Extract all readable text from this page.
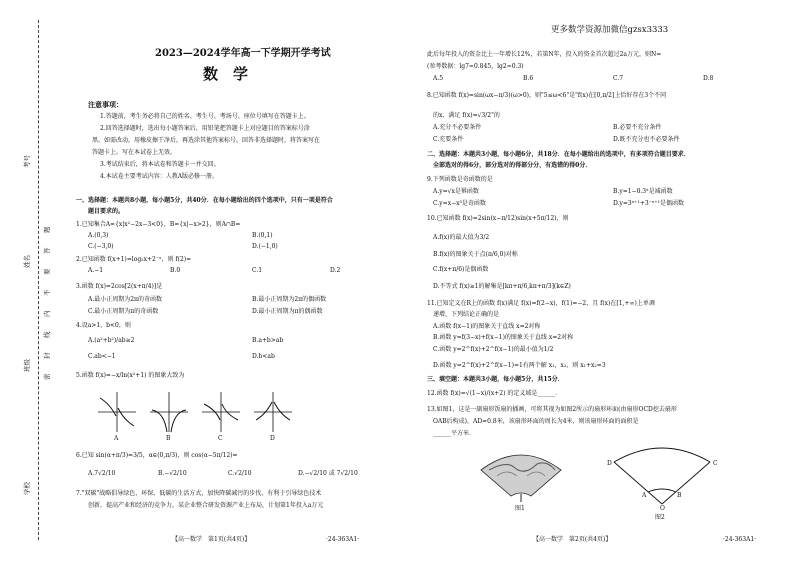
考号
姓名
班级
学校
密　封　线　内　不　要　答　题
2023—2024学年高一下学期开学考试
数　学
注意事项：
1.答题前，考生务必将自己的姓名、考生号、考场号、座位号填写在答题卡上。
2.回答选择题时，选出每小题答案后，用铅笔把答题卡上对应题目的答案标号涂
黑。如需改动，用橡皮擦干净后，再选涂其他答案标号。回答非选择题时，将答案写在
答题卡上。写在本试卷上无效。
3.考试结束后，将本试卷和答题卡一并交回。
4.本试卷主要考试内容：人教A版必修一册。
一、选择题：本题共8小题，每小题5分，共40分．在每小题给出的四个选项中，只有一项是符合
题目要求的。
1.已知集合A={x|x²−2x−3<0}，B={x|−x>2}，则A∩B=
A.(0,3)	B.(0,1)
C.(−3,0)	D.(−1,0)
2.已知函数 f(x+1)=log₂x+2⁻ˣ，则 f(2)=
A.−1	B.0	C.1	D.2
3.函数 f(x)=2cos[2(x+π/4)]是
A.最小正周期为2π的奇函数	B.最小正周期为2π的偶函数
C.最小正周期为π的奇函数	D.最小正周期为π的偶函数
4.设a>1，b<0，则
A.(a²+b²)/ab≥2	B.a+b>ab
C.ab<−1	D.b<ab
5.函数 f(x)=−x/ln(x²+1) 的图象大致为
A	B	C	D
6.已知 sin(α+π/3)=3/5，α∈(0,π/3)，则 cos(α−5π/12)=
A.7√2/10	B.−√2/10	C.√2/10	D.−√2/10 或 7√2/10
7."双碳"战略倡导绿色、环保、低碳的生活方式，加快降碳减污的步伐，有利于引导绿色技术
创新，提高产业和经济的竞争力，某企业整合研发资源产业上布局，计划第1年投入a万元
【高一数学　第1页(共4页)】	·24-363A1·
更多数学资源加微信gzsx3333
此后每年投入的资金比上一年增长12%，若第N年，投入的资金首次超过2a万元，则N=
(参考数据：lg7≈0.845，lg2≈0.3)
A.5	B.6	C.7	D.8
8.已知函数 f(x)=sin(ωx−π/3)(ω>0)，则"5≤ω<6"是"f(x)在[0,π/2]上恰好存在3个不同
的x，满足 f(x)=√3/2"的
A.充分不必要条件	B.必要不充分条件
C.充要条件	D.既不充分也不必要条件
二、选择题：本题共3小题，每小题6分，共18分．在每小题给出的选项中，有多项符合题目要求．
全部选对的得6分，部分选对的得部分分，有选错的得0分．
9.下列函数是奇函数的是
A.y=√x是幂函数	B.y=1−0.3ˣ是减函数
C.y=x−x³是奇函数	D.y=3ˣ⁺¹+3⁻ˣ⁺¹是偶函数
10.已知函数 f(x)=2sin(x−π/12)sin(x+5π/12)，则
A.f(x)的最大值为3/2
B.f(x)的图象关于点(π/6,0)对称
C.f(x+π/6)是偶函数
D.不等式 f(x)≥1的解集是[kπ+π/6,kπ+π/3](k∈Z)
11.已知定义在R上的函数 f(x)满足 f(x)=f(2−x)，f(1)=−2，且 f(x)在[1,+∞)上单调
递增，下列结论正确的是
A.函数 f(x−1)的图象关于直线 x=2对称
B.函数 y=f(3−x)+f(x−1)的图象关于直线 x=2对称
C.函数 y=2^f(x)+2^f(x−1)的最小值为1/2
D.函数 y=2^f(x)+2^f(x−1)=1有两个解 x₁，x₂，则 x₁+x₂=3
三、填空题：本题共3小题，每小题5分，共15分．
12.函数 f(x)=√(1−x)/(x+2) 的定义域是______．
13.如图1，这是一副扇形饭扇的插画，可将其视为如图2所示的扇形环面(由扇形OCD挖去扇形
OAB后构成)，AD=0.8米，该扇形环面的周长为4米，则该扇形环面的面积是
______平方米．
图1
D	C
A	B
O
图2
【高一数学　第2页(共4页)】	·24-363A1·
